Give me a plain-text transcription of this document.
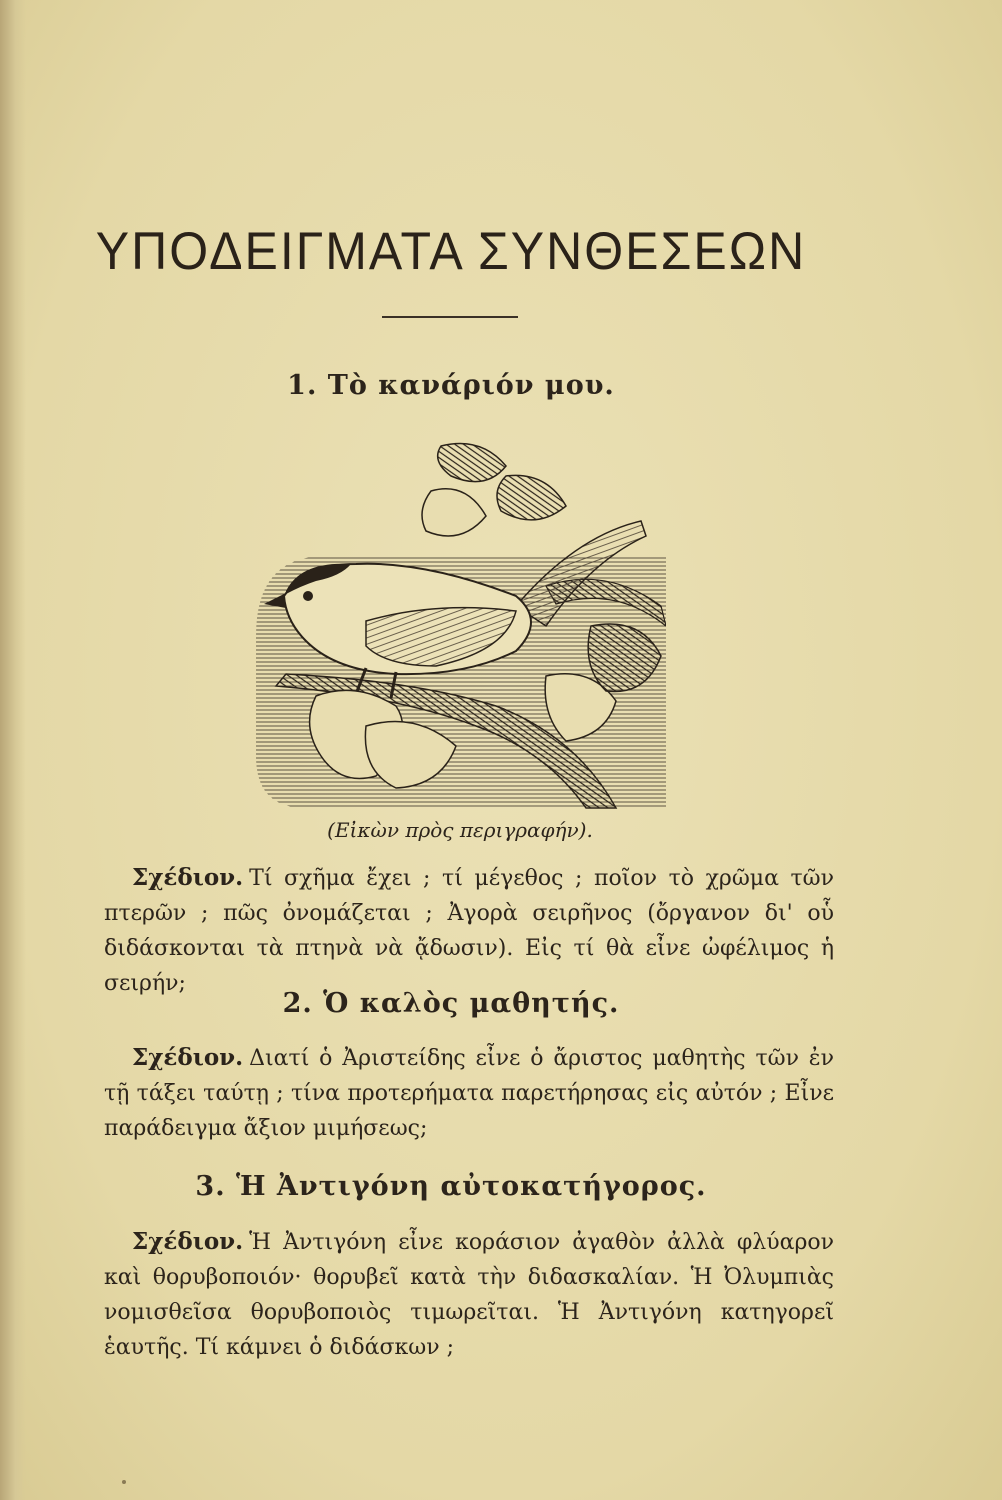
ΥΠΟΔΕΙΓΜΑΤΑ ΣΥΝΘΕΣΕΩΝ
1. Τὸ κανάριόν μου.
(Εἰκὼν πρὸς περιγραφήν).
Σχέδιον. Τί σχῆμα ἔχει ; τί μέγεθος ; ποῖον τὸ χρῶμα τῶν πτερῶν ; πῶς ὀνομάζεται ; Ἀγορὰ σειρῆνος (ὄργανον δι' οὗ διδάσκονται τὰ πτηνὰ νὰ ᾄδωσιν). Εἰς τί θὰ εἶνε ὠφέλιμος ἡ σειρήν;
2. Ὁ καλὸς μαθητής.
Σχέδιον. Διατί ὁ Ἀριστείδης εἶνε ὁ ἄριστος μαθητὴς τῶν ἐν τῇ τάξει ταύτῃ ; τίνα προτερήματα παρετήρησας εἰς αὐτόν ; Εἶνε παράδειγμα ἄξιον μιμήσεως;
3. Ἡ Ἀντιγόνη αὐτοκατήγορος.
Σχέδιον. Ἡ Ἀντιγόνη εἶνε κοράσιον ἀγαθὸν ἀλλὰ φλύαρον καὶ θορυβοποιόν· θορυβεῖ κατὰ τὴν διδασκαλίαν. Ἡ Ὀλυμπιὰς νομισθεῖσα θορυβοποιὸς τιμωρεῖται. Ἡ Ἀντιγόνη κατηγορεῖ ἑαυτῆς. Τί κάμνει ὁ διδάσκων ;
